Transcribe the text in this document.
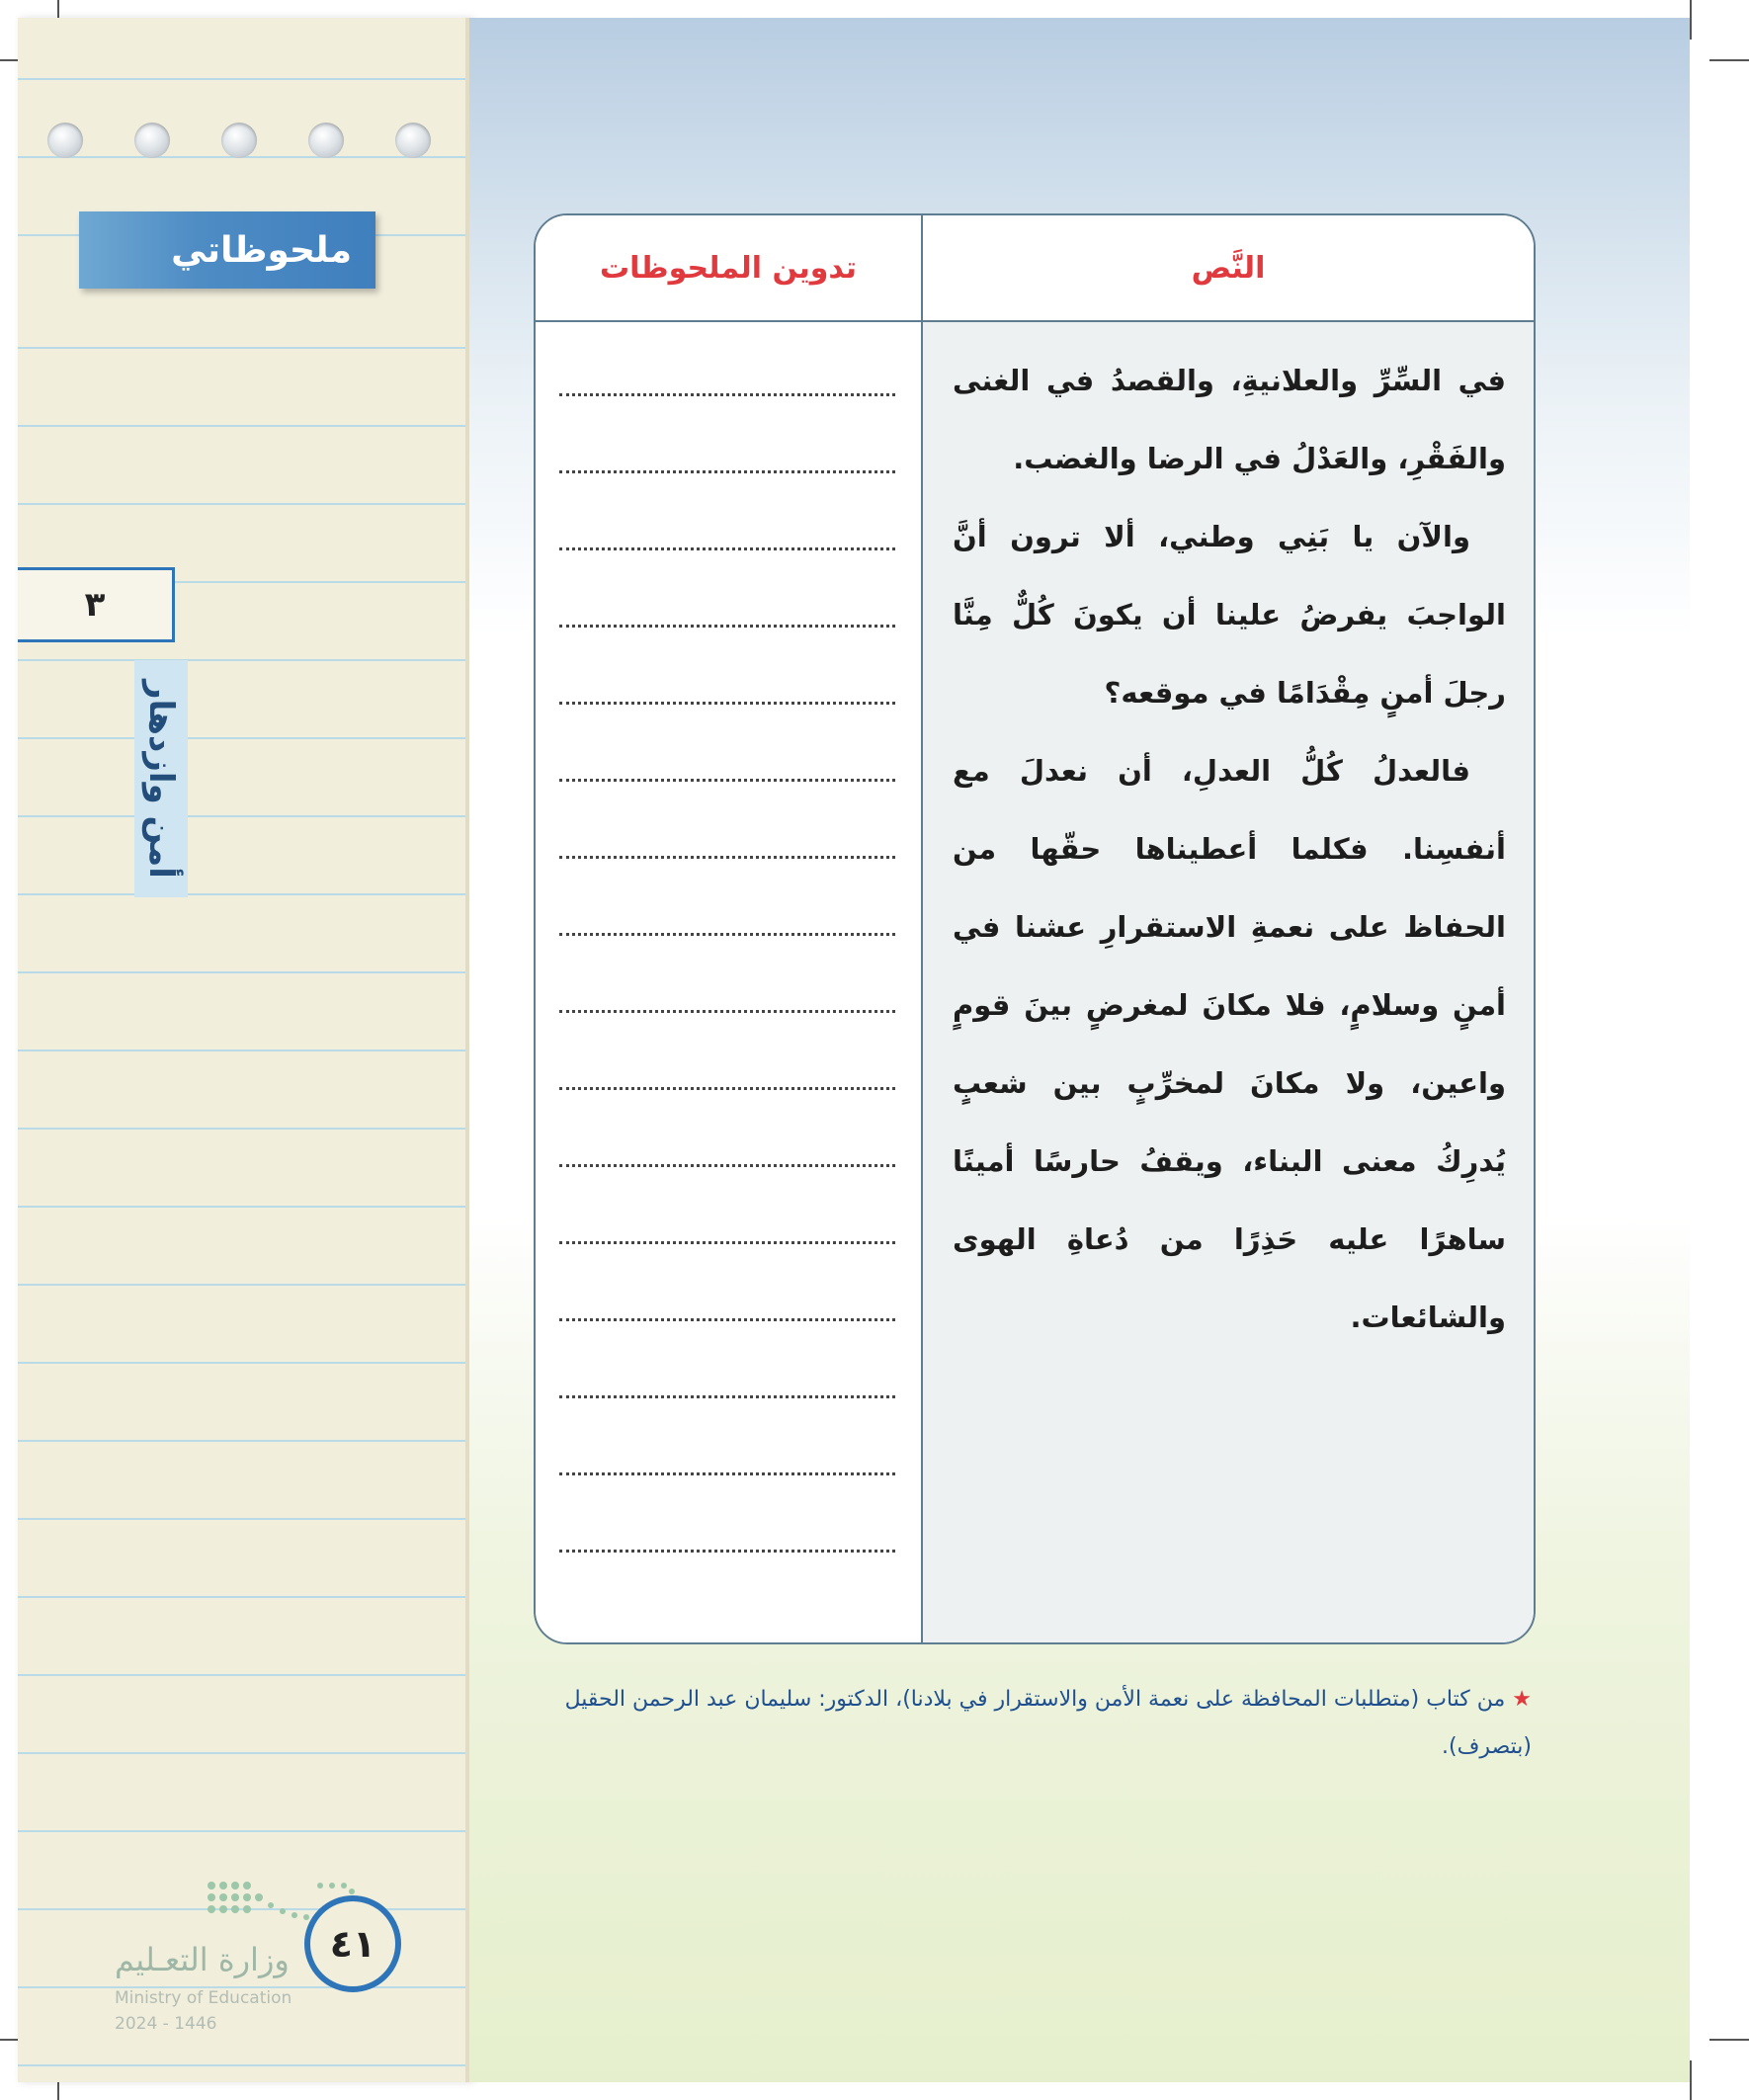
ملحوظاتي
٣
أمن وازدهار
وزارة التعـليم
Ministry of Education
2024 - 1446
٤١
تدوين الملحوظات	النَّص

في السِّرِّ والعلانيةِ، والقصدُ في الغنى والفَقْرِ، والعَدْلُ في الرضا والغضب.

والآن يا بَنِي وطني، ألا ترون أنَّ الواجبَ يفرضُ علينا أن يكونَ كُلٌّ مِنَّا رجلَ أمنٍ مِقْدَامًا في موقعه؟

فالعدلُ كُلُّ العدلِ، أن نعدلَ مع أنفسِنا. فكلما أعطيناها حقّها من الحفاظ على نعمةِ الاستقرارِ عشنا في أمنٍ وسلامٍ، فلا مكانَ لمغرضٍ بينَ قومٍ واعين، ولا مكانَ لمخرِّبٍ بين شعبٍ يُدرِكُ معنى البناء، ويقفُ حارسًا أمينًا ساهرًا عليه حَذِرًا من دُعاةِ الهوى والشائعات.

★ من كتاب (متطلبات المحافظة على نعمة الأمن والاستقرار في بلادنا)، الدكتور: سليمان عبد الرحمن الحقيل (بتصرف).
